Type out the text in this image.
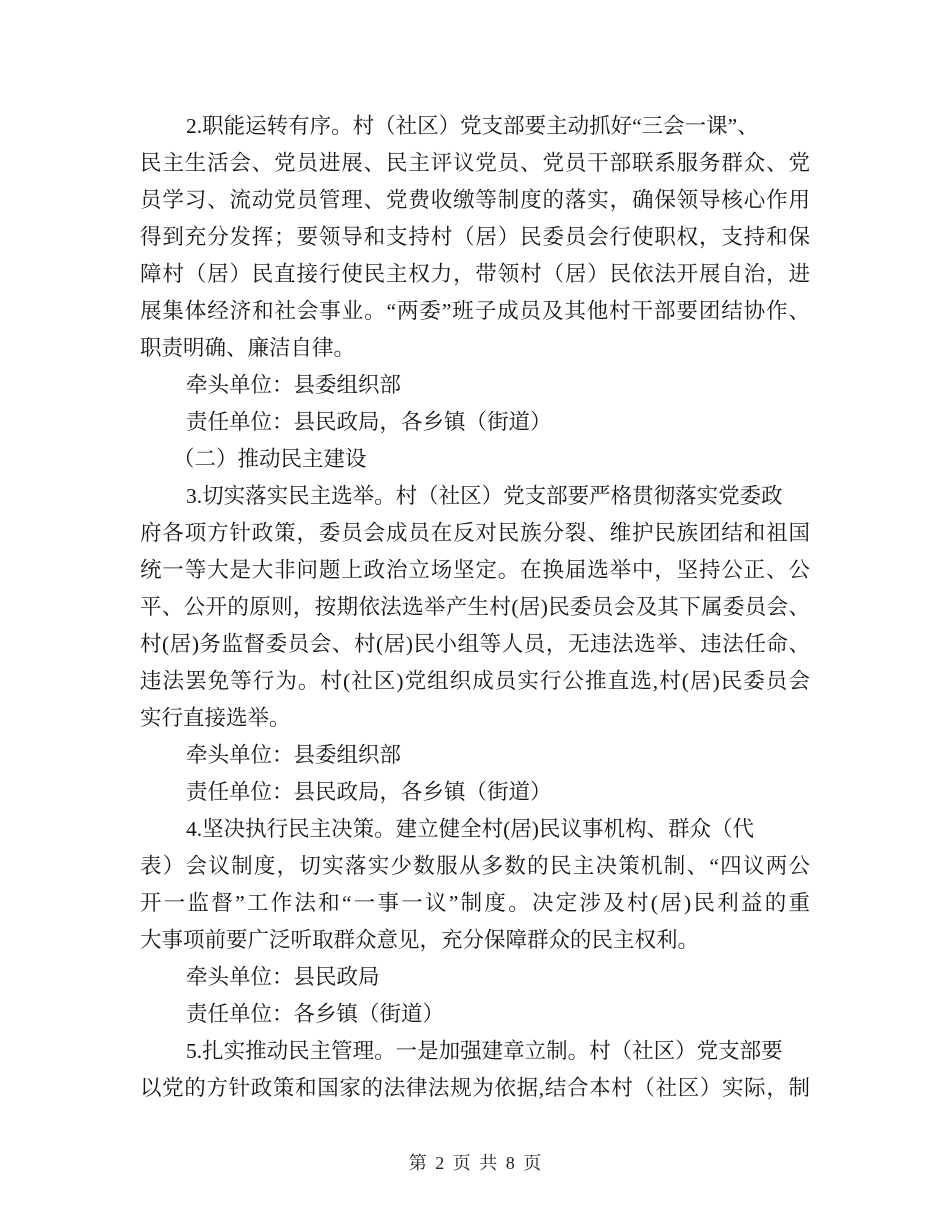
2.职能运转有序。村（社区）党支部要主动抓好“三会一课”、
民主生活会、党员进展、民主评议党员、党员干部联系服务群众、党
员学习、流动党员管理、党费收缴等制度的落实，确保领导核心作用
得到充分发挥；要领导和支持村（居）民委员会行使职权，支持和保
障村（居）民直接行使民主权力，带领村（居）民依法开展自治，进
展集体经济和社会事业。“两委”班子成员及其他村干部要团结协作、
职责明确、廉洁自律。
牵头单位：县委组织部
责任单位：县民政局，各乡镇（街道）
（二）推动民主建设
3.切实落实民主选举。村（社区）党支部要严格贯彻落实党委政
府各项方针政策，委员会成员在反对民族分裂、维护民族团结和祖国
统一等大是大非问题上政治立场坚定。在换届选举中，坚持公正、公
平、公开的原则，按期依法选举产生村(居)民委员会及其下属委员会、
村(居)务监督委员会、村(居)民小组等人员，无违法选举、违法任命、
违法罢免等行为。村(社区)党组织成员实行公推直选,村(居)民委员会
实行直接选举。
牵头单位：县委组织部
责任单位：县民政局，各乡镇（街道）
4.坚决执行民主决策。建立健全村(居)民议事机构、群众（代
表）会议制度，切实落实少数服从多数的民主决策机制、“四议两公
开一监督”工作法和“一事一议”制度。决定涉及村(居)民利益的重
大事项前要广泛听取群众意见，充分保障群众的民主权利。
牵头单位：县民政局
责任单位：各乡镇（街道）
5.扎实推动民主管理。一是加强建章立制。村（社区）党支部要
以党的方针政策和国家的法律法规为依据,结合本村（社区）实际，制
第 2 页 共 8 页
